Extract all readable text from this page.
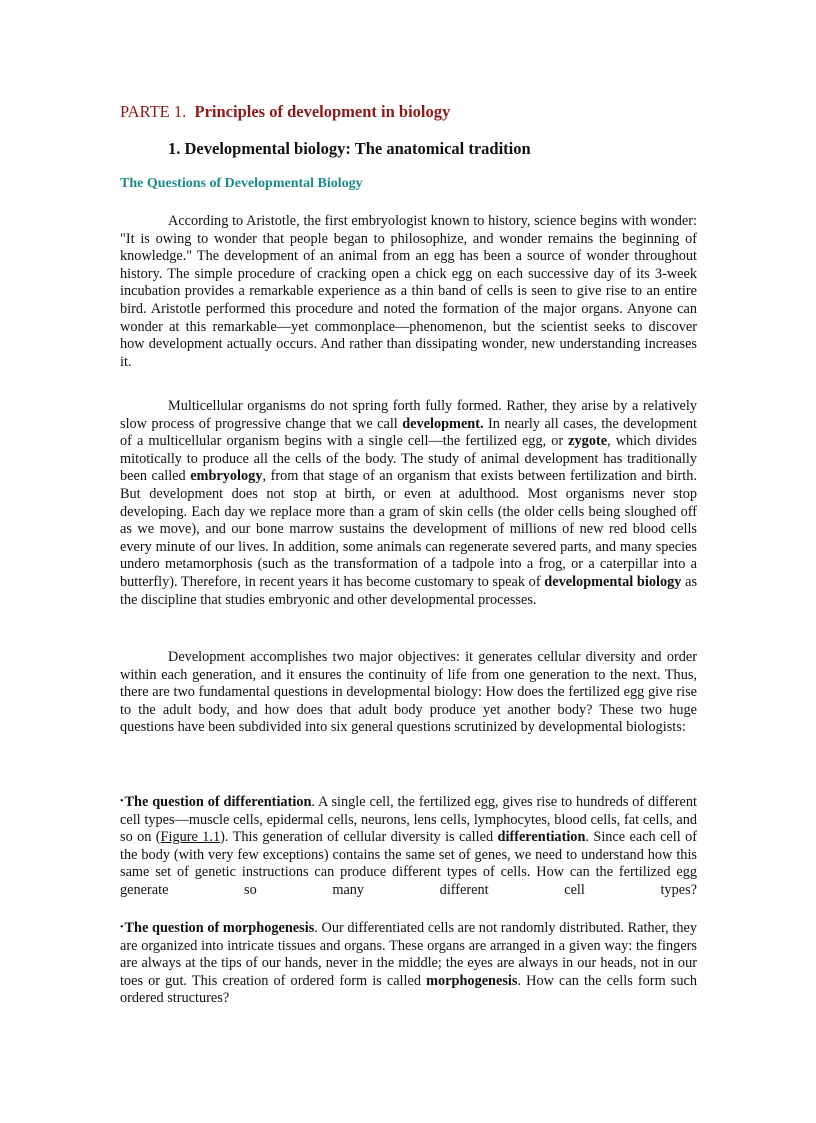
PARTE 1. Principles of development in biology
1. Developmental biology: The anatomical tradition
The Questions of Developmental Biology

According to Aristotle, the first embryologist known to history, science begins with wonder: "It is owing to wonder that people began to philosophize, and wonder remains the beginning of knowledge." The development of an animal from an egg has been a source of wonder throughout history. The simple procedure of cracking open a chick egg on each successive day of its 3-week incubation provides a remarkable experience as a thin band of cells is seen to give rise to an entire bird. Aristotle performed this procedure and noted the formation of the major organs. Anyone can wonder at this remarkable—yet commonplace—phenomenon, but the scientist seeks to discover how development actually occurs. And rather than dissipating wonder, new understanding increases it.

Multicellular organisms do not spring forth fully formed. Rather, they arise by a relatively slow process of progressive change that we call development. In nearly all cases, the development of a multicellular organism begins with a single cell—the fertilized egg, or zygote, which divides mitotically to produce all the cells of the body. The study of animal development has traditionally been called embryology, from that stage of an organism that exists between fertilization and birth. But development does not stop at birth, or even at adulthood. Most organisms never stop developing. Each day we replace more than a gram of skin cells (the older cells being sloughed off as we move), and our bone marrow sustains the development of millions of new red blood cells every minute of our lives. In addition, some animals can regenerate severed parts, and many species undero metamorphosis (such as the transformation of a tadpole into a frog, or a caterpillar into a butterfly). Therefore, in recent years it has become customary to speak of developmental biology as the discipline that studies embryonic and other developmental processes.

Development accomplishes two major objectives: it generates cellular diversity and order within each generation, and it ensures the continuity of life from one generation to the next. Thus, there are two fundamental questions in developmental biology: How does the fertilized egg give rise to the adult body, and how does that adult body produce yet another body? These two huge questions have been subdivided into six general questions scrutinized by developmental biologists:

•The question of differentiation. A single cell, the fertilized egg, gives rise to hundreds of different cell types—muscle cells, epidermal cells, neurons, lens cells, lymphocytes, blood cells, fat cells, and so on (Figure 1.1). This generation of cellular diversity is called differentiation. Since each cell of the body (with very few exceptions) contains the same set of genes, we need to understand how this same set of genetic instructions can produce different types of cells. How can the fertilized egg generate so many different cell types?

•The question of morphogenesis. Our differentiated cells are not randomly distributed. Rather, they are organized into intricate tissues and organs. These organs are arranged in a given way: the fingers are always at the tips of our hands, never in the middle; the eyes are always in our heads, not in our toes or gut. This creation of ordered form is called morphogenesis. How can the cells form such ordered structures?
